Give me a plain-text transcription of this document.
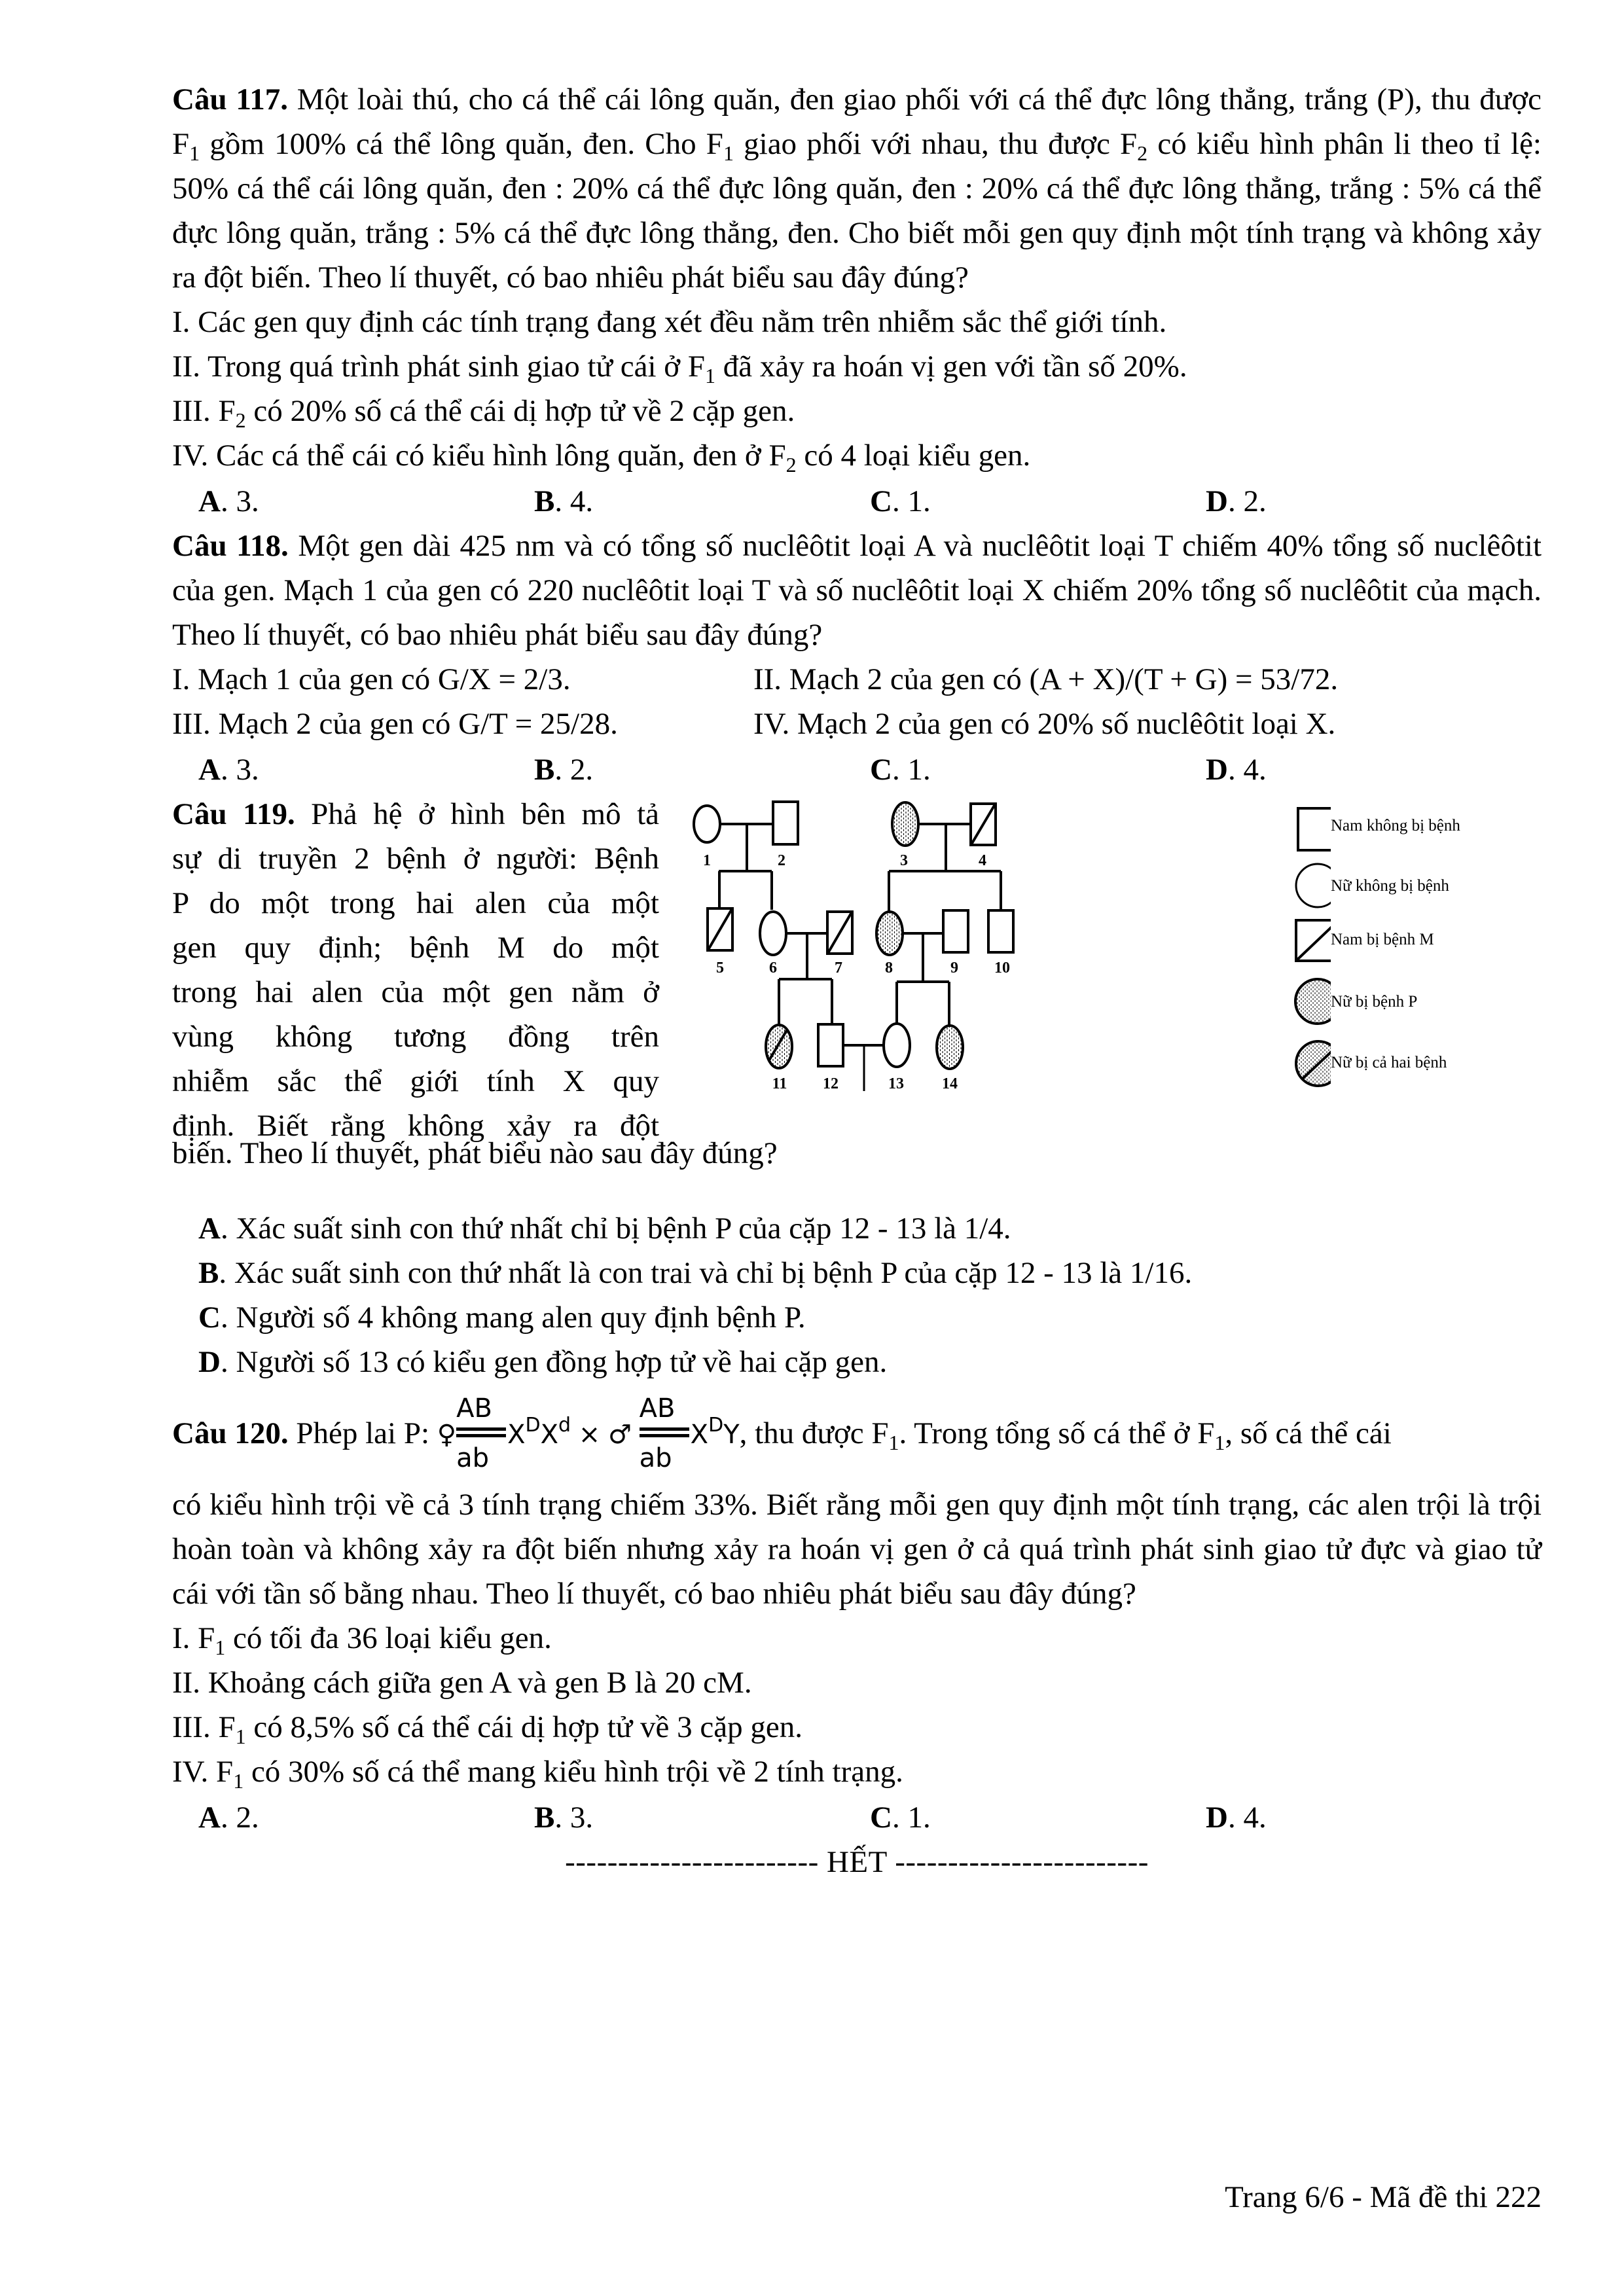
Câu 117. Một loài thú, cho cá thể cái lông quăn, đen giao phối với cá thể đực lông thẳng, trắng (P), thu được $F_1$ gồm 100% cá thể lông quăn, đen. Cho $F_1$ giao phối với nhau, thu được $F_2$ có kiểu hình phân li theo tỉ lệ: 50% cá thể cái lông quăn, đen : 20% cá thể đực lông quăn, đen : 20% cá thể đực lông thẳng, trắng : 5% cá thể đực lông quăn, trắng : 5% cá thể đực lông thẳng, đen. Cho biết mỗi gen quy định một tính trạng và không xảy ra đột biến. Theo lí thuyết, có bao nhiêu phát biểu sau đây đúng?

I. Các gen quy định các tính trạng đang xét đều nằm trên nhiễm sắc thể giới tính.

II. Trong quá trình phát sinh giao tử cái ở $F_1$ đã xảy ra hoán vị gen với tần số 20%.

III. $F_2$ có 20% số cá thể cái dị hợp tử về 2 cặp gen.

IV. Các cá thể cái có kiểu hình lông quăn, đen ở $F_2$ có 4 loại kiểu gen.

A. 3.	B. 4.	C. 1.	D. 2.

Câu 118. Một gen dài 425 nm và có tổng số nuclêôtit loại A và nuclêôtit loại T chiếm 40% tổng số nuclêôtit của gen. Mạch 1 của gen có 220 nuclêôtit loại T và số nuclêôtit loại X chiếm 20% tổng số nuclêôtit của mạch. Theo lí thuyết, có bao nhiêu phát biểu sau đây đúng?

I. Mạch 1 của gen có G/X = 2/3.	II. Mạch 2 của gen có (A + X)/(T + G) = 53/72.
III. Mạch 2 của gen có G/T = 25/28.	IV. Mạch 2 của gen có 20% số nuclêôtit loại X.
A. 3.	B. 2.	C. 1.	D. 4.
Câu 119. Phả hệ ở hình bên mô tả
sự di truyền 2 bệnh ở người: Bệnh
P do một trong hai alen của một
gen quy định; bệnh M do một
trong hai alen của một gen nằm ở
vùng không tương đồng trên
nhiễm sắc thể giới tính X quy
định. Biết rằng không xảy ra đột
1	2	3	4
5	6	7	8	9 10
11 12	13 14
Nam không bị bệnh
Nữ không bị bệnh
Nam bị bệnh M
Nữ bị bệnh P
Nữ bị cả hai bệnh

biến. Theo lí thuyết, phát biểu nào sau đây đúng?

A. Xác suất sinh con thứ nhất chỉ bị bệnh P của cặp 12 - 13 là 1/4.
B. Xác suất sinh con thứ nhất là con trai và chỉ bị bệnh P của cặp 12 - 13 là 1/16.
C. Người số 4 không mang alen quy định bệnh P.
D. Người số 13 có kiểu gen đồng hợp tử về hai cặp gen.
Câu 120. Phép lai P: ♀
AB
ab
$X^DX^d$ × ♂
AB
ab
$X^DY$, thu được $F_1$. Trong tổng số cá thể ở $F_1$, số cá thể cái

có kiểu hình trội về cả 3 tính trạng chiếm 33%. Biết rằng mỗi gen quy định một tính trạng, các alen trội là trội hoàn toàn và không xảy ra đột biến nhưng xảy ra hoán vị gen ở cả quá trình phát sinh giao tử đực và giao tử cái với tần số bằng nhau. Theo lí thuyết, có bao nhiêu phát biểu sau đây đúng?

I. $F_1$ có tối đa 36 loại kiểu gen.

II. Khoảng cách giữa gen A và gen B là 20 cM.

III. $F_1$ có 8,5% số cá thể cái dị hợp tử về 3 cặp gen.

IV. $F_1$ có 30% số cá thể mang kiểu hình trội về 2 tính trạng.

A. 2.	B. 3.	C. 1.	D. 4.

------------------------ HẾT ------------------------

Trang 6/6 - Mã đề thi 222
